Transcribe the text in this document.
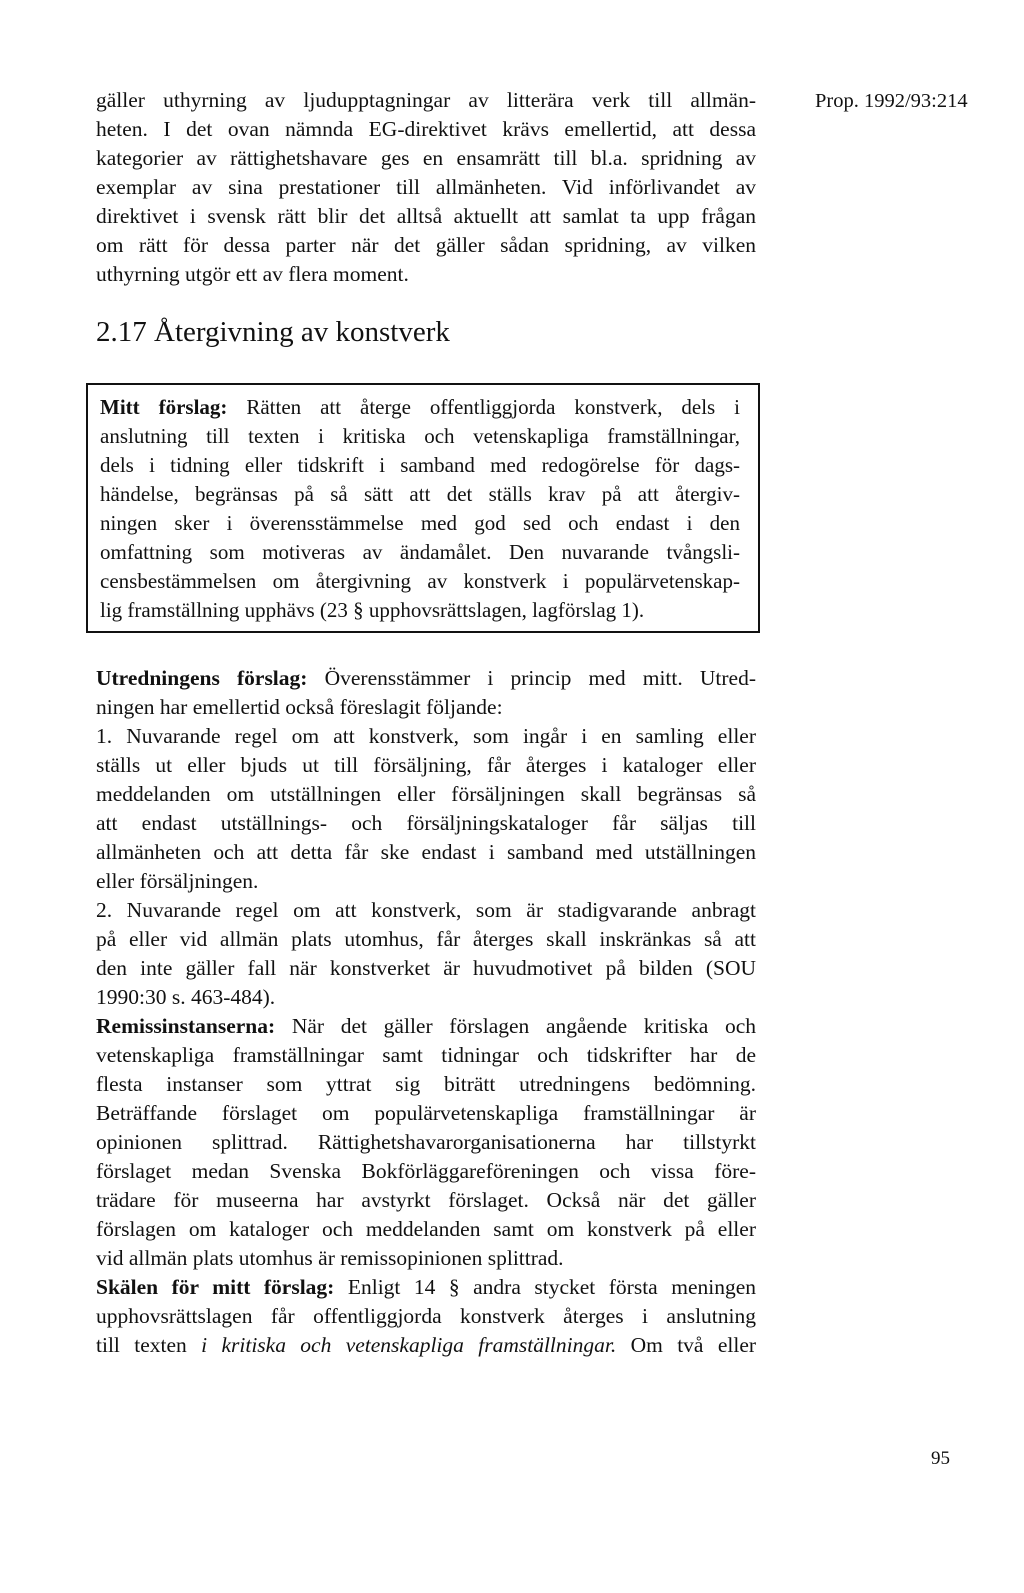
Prop. 1992/93:214
gäller uthyrning av ljudupptagningar av litterära verk till allmän-
heten. I det ovan nämnda EG-direktivet krävs emellertid, att dessa
kategorier av rättighetshavare ges en ensamrätt till bl.a. spridning av
exemplar av sina prestationer till allmänheten. Vid införlivandet av
direktivet i svensk rätt blir det alltså aktuellt att samlat ta upp frågan
om rätt för dessa parter när det gäller sådan spridning, av vilken
uthyrning utgör ett av flera moment.
2.17 Återgivning av konstverk
Mitt förslag: Rätten att återge offentliggjorda konstverk, dels i
anslutning till texten i kritiska och vetenskapliga framställningar,
dels i tidning eller tidskrift i samband med redogörelse för dags-
händelse, begränsas på så sätt att det ställs krav på att återgiv-
ningen sker i överensstämmelse med god sed och endast i den
omfattning som motiveras av ändamålet. Den nuvarande tvångsli-
censbestämmelsen om återgivning av konstverk i populärvetenskap-
lig framställning upphävs (23 § upphovsrättslagen, lagförslag 1).
Utredningens förslag: Överensstämmer i princip med mitt. Utred-
ningen har emellertid också föreslagit följande:
1. Nuvarande regel om att konstverk, som ingår i en samling eller
ställs ut eller bjuds ut till försäljning, får återges i kataloger eller
meddelanden om utställningen eller försäljningen skall begränsas så
att endast utställnings- och försäljningskataloger får säljas till
allmänheten och att detta får ske endast i samband med utställningen
eller försäljningen.
2. Nuvarande regel om att konstverk, som är stadigvarande anbragt
på eller vid allmän plats utomhus, får återges skall inskränkas så att
den inte gäller fall när konstverket är huvudmotivet på bilden (SOU
1990:30 s. 463-484).
Remissinstanserna: När det gäller förslagen angående kritiska och
vetenskapliga framställningar samt tidningar och tidskrifter har de
flesta instanser som yttrat sig biträtt utredningens bedömning.
Beträffande förslaget om populärvetenskapliga framställningar är
opinionen splittrad. Rättighetshavarorganisationerna har tillstyrkt
förslaget medan Svenska Bokförläggareföreningen och vissa före-
trädare för museerna har avstyrkt förslaget. Också när det gäller
förslagen om kataloger och meddelanden samt om konstverk på eller
vid allmän plats utomhus är remissopinionen splittrad.
Skälen för mitt förslag: Enligt 14 § andra stycket första meningen
upphovsrättslagen får offentliggjorda konstverk återges i anslutning
till texten i kritiska och vetenskapliga framställningar. Om två eller
95
